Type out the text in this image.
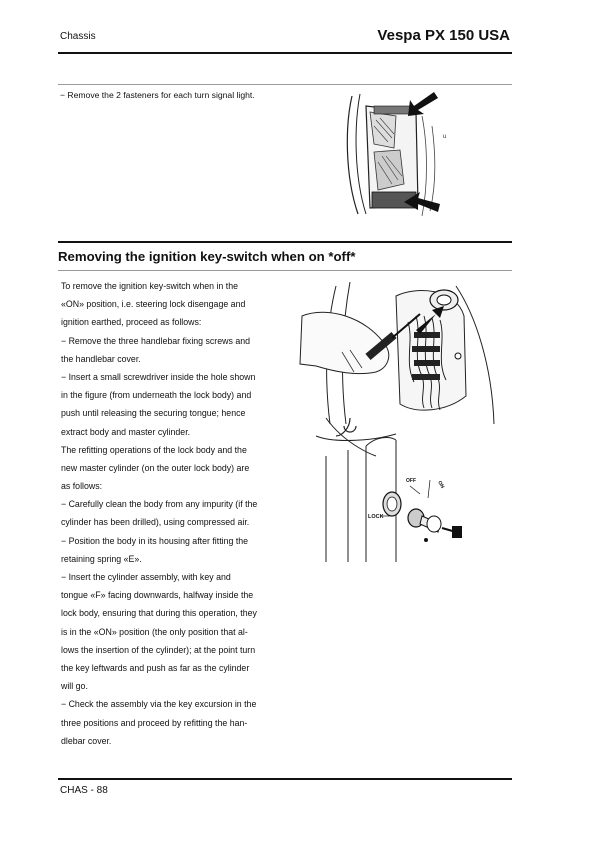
Chassis	Vespa PX 150 USA
− Remove the 2 fasteners for each turn signal light.
u
Removing the ignition key-switch when on *off*
To remove the ignition key-switch when in the
«ON» position, i.e. steering lock disengage and
ignition earthed, proceed as follows:
− Remove the three handlebar fixing screws and
the handlebar cover.
− Insert a small screwdriver inside the hole shown
in the figure (from underneath the lock body) and
push until releasing the securing tongue; hence
extract body and master cylinder.
The refitting operations of the lock body and the
new master cylinder (on the outer lock body) are
as follows:
− Carefully clean the body from any impurity (if the
cylinder has been drilled), using compressed air.
− Position the body in its housing after fitting the
retaining spring «E».
− Insert the cylinder assembly, with key and
tongue «F» facing downwards, halfway inside the
lock body, ensuring that during this operation, they
is in the «ON» position (the only position that al-
lows the insertion of the cylinder); at the point turn
the key leftwards and push as far as the cylinder
will go.
− Check the assembly via the key excursion in the
three positions and proceed by refitting the han-
dlebar cover.
LOCK
OFF	ON
CHAS - 88
